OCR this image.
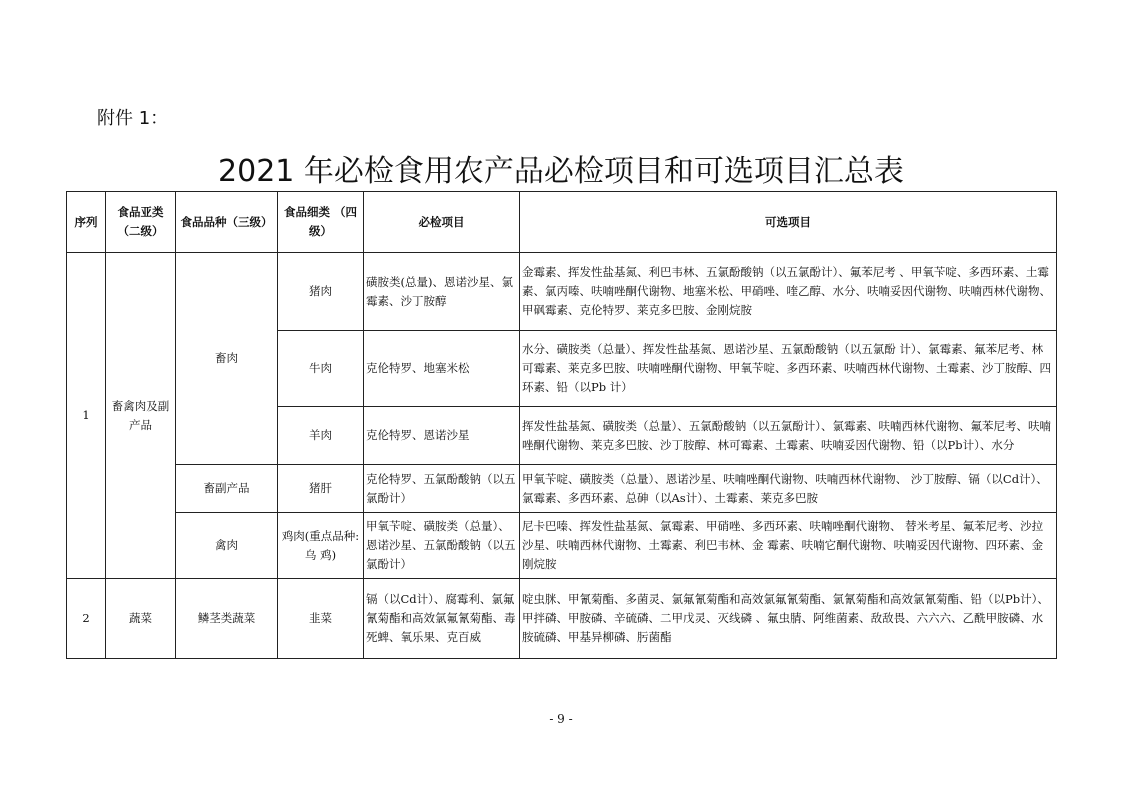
附件 1：
2021 年必检食用农产品必检项目和可选项目汇总表
序列	食品亚类（二级）	食品品种（三级）	食品细类 （四级）	必检项目	可选项目
1	畜禽肉及副产品	畜肉	猪肉	磺胺类(总量)、恩诺沙星、氯霉素、沙丁胺醇	金霉素、挥发性盐基氮、利巴韦林、五氯酚酸钠（以五氯酚计）、氟苯尼考 、甲氧苄啶、多西环素、土霉素、氯丙嗪、呋喃唑酮代谢物、地塞米松、甲硝唑、喹乙醇、水分、呋喃妥因代谢物、呋喃西林代谢物、甲砜霉素、克伦特罗、莱克多巴胺、金刚烷胺
			牛肉	克伦特罗、地塞米松	水分、磺胺类（总量）、挥发性盐基氮、恩诺沙星、五氯酚酸钠（以五氯酚 计）、氯霉素、氟苯尼考、林可霉素、莱克多巴胺、呋喃唑酮代谢物、甲氧苄啶、多西环素、呋喃西林代谢物、土霉素、沙丁胺醇、四环素、铅（以Pb 计）
			羊肉	克伦特罗、恩诺沙星	挥发性盐基氮、磺胺类（总量）、五氯酚酸钠（以五氯酚计）、氯霉素、呋喃西林代谢物、氟苯尼考、呋喃唑酮代谢物、莱克多巴胺、沙丁胺醇、林可霉素、土霉素、呋喃妥因代谢物、铅（以Pb计）、水分
		畜副产品	猪肝	克伦特罗、五氯酚酸钠（以五氯酚计）	甲氧苄啶、磺胺类（总量）、恩诺沙星、呋喃唑酮代谢物、呋喃西林代谢物、 沙丁胺醇、镉（以Cd计）、氯霉素、多西环素、总砷（以As计）、土霉素、莱克多巴胺
		禽肉	鸡肉(重点品种:乌 鸡)	甲氧苄啶、磺胺类（总量）、恩诺沙星、五氯酚酸钠（以五 氯酚计）	尼卡巴嗪、挥发性盐基氮、氯霉素、甲硝唑、多西环素、呋喃唑酮代谢物、 替米考星、氟苯尼考、沙拉沙星、呋喃西林代谢物、土霉素、利巴韦林、金 霉素、呋喃它酮代谢物、呋喃妥因代谢物、四环素、金刚烷胺
2	蔬菜	鳞茎类蔬菜	韭菜	镉（以Cd计）、腐霉利、氯氟氰菊酯和高效氯氟氰菊酯、毒死蜱、氧乐果、克百威	啶虫脒、甲氰菊酯、多菌灵、氯氟氰菊酯和高效氯氟氰菊酯、氯氰菊酯和高效氯氰菊酯、铅（以Pb计）、甲拌磷、甲胺磷、辛硫磷、二甲戊灵、灭线磷 、氟虫腈、阿维菌素、敌敌畏、六六六、乙酰甲胺磷、水胺硫磷、甲基异柳磷、肟菌酯
- 9 -
